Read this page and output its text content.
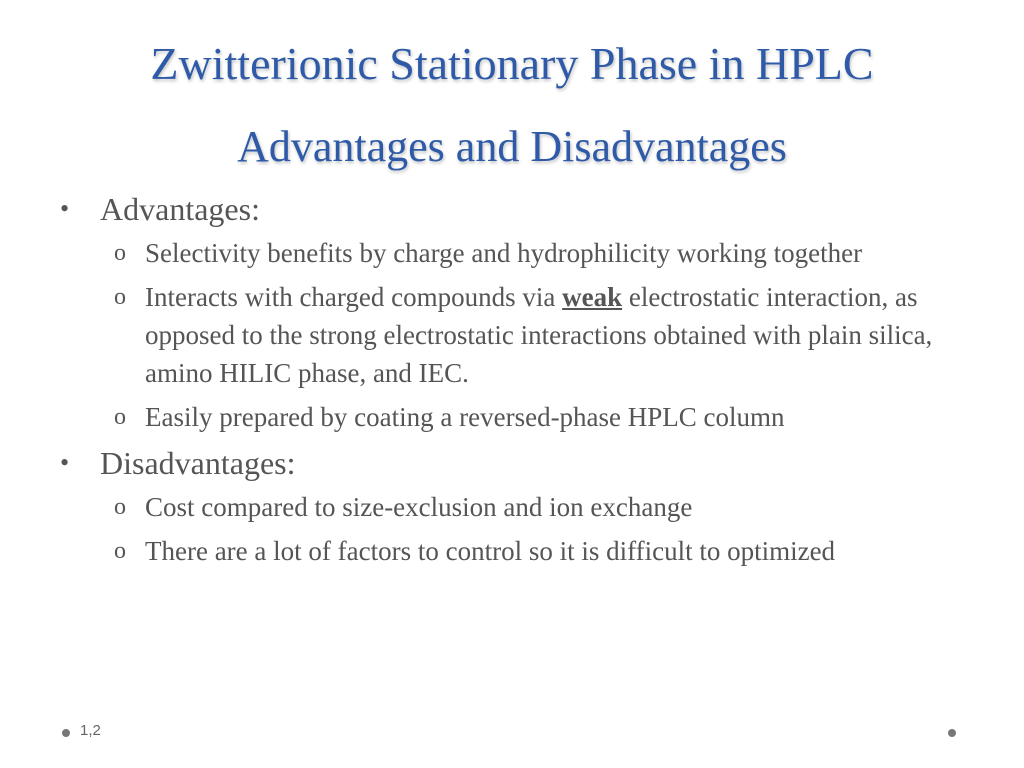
Zwitterionic Stationary Phase in HPLC
Advantages and Disadvantages
• Advantages:
o Selectivity benefits by charge and hydrophilicity working together
o Interacts with charged compounds via weak electrostatic interaction, as opposed to the strong electrostatic interactions obtained with plain silica, amino HILIC phase, and IEC.
o Easily prepared by coating a reversed-phase HPLC column
• Disadvantages:
o Cost compared to size-exclusion and ion exchange
o There are a lot of factors to control so it is difficult to optimized
1,2
